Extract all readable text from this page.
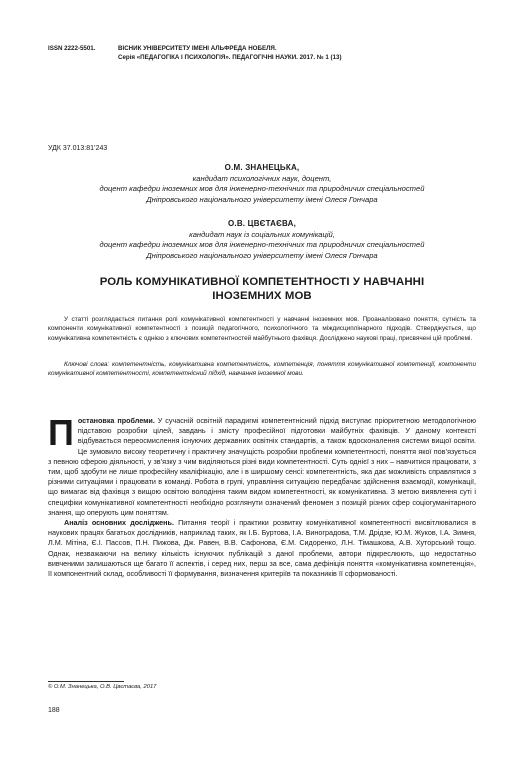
ISSN 2222-5501.	ВІСНИК УНІВЕРСИТЕТУ ІМЕНІ АЛЬФРЕДА НОБЕЛЯ.
Серія «ПЕДАГОГІКА І ПСИХОЛОГІЯ». ПЕДАГОГІЧНІ НАУКИ. 2017. № 1 (13)
УДК 37.013:81’243
О.М. ЗНАНЕЦЬКА,
кандидат психологічних наук, доцент,
доцент кафедри іноземних мов для інженерно-технічних та природничих спеціальностей
Дніпровського національного університету імені Олеся Гончара
О.В. ЦВЄТАЄВА,
кандидат наук із соціальних комунікацій,
доцент кафедри іноземних мов для інженерно-технічних та природничих спеціальностей
Дніпровського національного університету імені Олеся Гончара
РОЛЬ КОМУНІКАТИВНОЇ КОМПЕТЕНТНОСТІ У НАВЧАННІ
ІНОЗЕМНИХ МОВ
У статті розглядається питання ролі комунікативної компетентності у навчанні іноземних мов. Проаналізовано поняття, сутність та компоненти комунікативної компетентності з позицій педагогічного, психологічного та міждисциплінарного підходів. Стверджується, що комунікативна компетентність є однією з ключових компетентностей майбутнього фахівця. Досліджено наукові праці, присвячені цій проблемі.
Ключові слова: компетентність, комунікативна компетентність, компетенція, поняття комунікативної компетенції, компоненти комунікативної компетентності, компетентнісний підхід, навчання іноземної мови.

Постановка проблеми. У сучасній освітній парадигмі компетентнісний підхід виступає пріоритетною методологічною підставою розробки цілей, завдань і змісту професійної підготовки майбутніх фахівців. У даному контексті відбувається переосмислення існуючих державних освітніх стандартів, а також вдосконалення системи вищої освіти. Це зумовило високу теоретичну і практичну значущість розробки проблеми компетентності, поняття якої пов’язується з певною сферою діяльності, у зв’язку з чим виділяються різні види компетентності. Суть однієї з них – навчитися працювати, з тим, щоб здобути не лише професійну кваліфікацію, але і в ширшому сенсі: компетентність, яка дає можливість справлятися з різними ситуаціями і працювати в команді. Робота в групі, управління ситуацією передбачає здійснення взаємодії, комунікації, що вимагає від фахівця з вищою освітою володіння таким видом компетентності, як комунікативна. З метою виявлення суті і специфіки комунікативної компетентності необхідно розглянути означений феномен з позицій різних сфер соціогуманітарного знання, що оперують цим поняттям.

Аналіз основних досліджень. Питання теорії і практики розвитку комунікативної компетентності висвітлювалися в наукових працях багатьох дослідників, наприклад таких, як І.Б. Буртова, І.А. Виноградова, Т.М. Дрідзе, Ю.М. Жуков, І.А. Зимня, Л.М. Мітіна, Є.І. Пассов, П.Н. Пижова, Дж. Равен, В.В. Сафонова, Є.М. Сидоренко, Л.Н. Тімашкова, А.В. Хуторський тощо. Однак, незважаючи на велику кількість існуючих публікацій з даної проблеми, автори підкреслюють, що недостатньо вивченими залишаються ще багато її аспектів, і серед них, перш за все, сама дефініція поняття «комунікативна компетенція», її компонентний склад, особливості її формування, визначення критеріїв та показників її сформованості.

© О.М. Знанецька, О.В. Цвєтаєва, 2017
188
